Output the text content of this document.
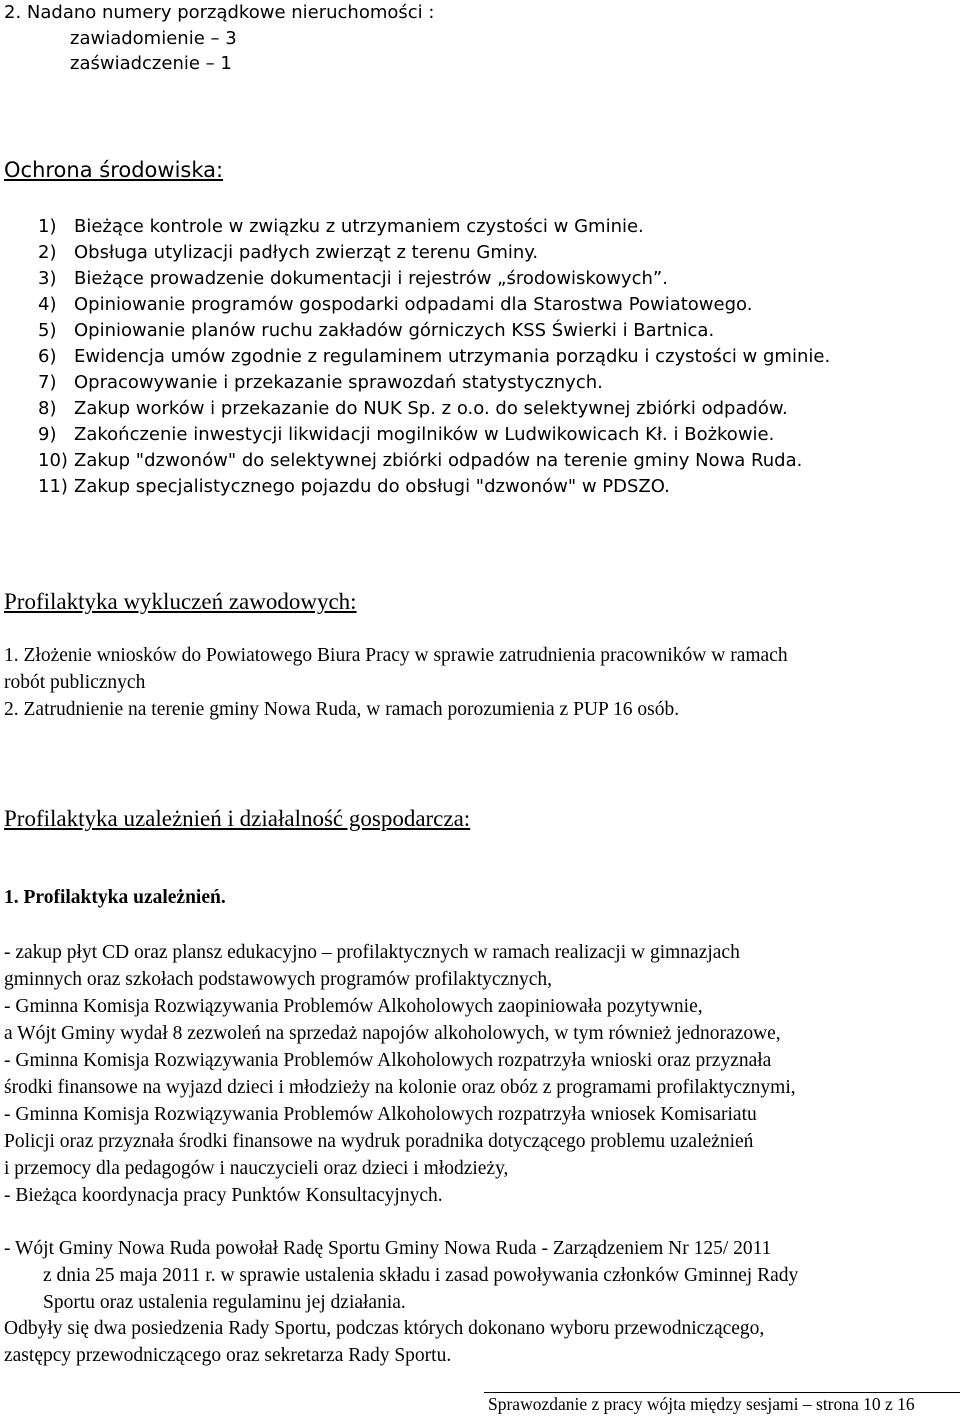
2. Nadano numery porządkowe nieruchomości :
zawiadomienie – 3
zaświadczenie – 1
Ochrona środowiska:
1) Bieżące kontrole w związku z utrzymaniem czystości w Gminie.
2) Obsługa utylizacji padłych zwierząt z terenu Gminy.
3) Bieżące prowadzenie dokumentacji i rejestrów „środowiskowych”.
4) Opiniowanie programów gospodarki odpadami dla Starostwa Powiatowego.
5) Opiniowanie planów ruchu zakładów górniczych KSS Świerki i Bartnica.
6) Ewidencja umów zgodnie z regulaminem utrzymania porządku i czystości w gminie.
7) Opracowywanie i przekazanie sprawozdań statystycznych.
8) Zakup worków i przekazanie do NUK Sp. z o.o. do selektywnej zbiórki odpadów.
9) Zakończenie inwestycji likwidacji mogilników w Ludwikowicach Kł. i Bożkowie.
10) Zakup "dzwonów" do selektywnej zbiórki odpadów na terenie gminy Nowa Ruda.
11) Zakup specjalistycznego pojazdu do obsługi "dzwonów" w PDSZO.
Profilaktyka wykluczeń zawodowych:
1. Złożenie wniosków do Powiatowego Biura Pracy w sprawie zatrudnienia pracowników w ramach
robót publicznych
2. Zatrudnienie na terenie gminy Nowa Ruda, w ramach porozumienia z PUP 16 osób.
Profilaktyka uzależnień i działalność gospodarcza:
1. Profilaktyka uzależnień.
- zakup płyt CD oraz plansz edukacyjno – profilaktycznych w ramach realizacji w gimnazjach
gminnych oraz szkołach podstawowych programów profilaktycznych,
- Gminna Komisja Rozwiązywania Problemów Alkoholowych zaopiniowała pozytywnie,
a Wójt Gminy wydał 8 zezwoleń na sprzedaż napojów alkoholowych, w tym również jednorazowe,
- Gminna Komisja Rozwiązywania Problemów Alkoholowych rozpatrzyła wnioski oraz przyznała
środki finansowe na wyjazd dzieci i młodzieży na kolonie oraz obóz z programami profilaktycznymi,
- Gminna Komisja Rozwiązywania Problemów Alkoholowych rozpatrzyła wniosek Komisariatu
Policji oraz przyznała środki finansowe na wydruk poradnika dotyczącego problemu uzależnień
i przemocy dla pedagogów i nauczycieli oraz dzieci i młodzieży,
- Bieżąca koordynacja pracy Punktów Konsultacyjnych.
- Wójt Gminy Nowa Ruda powołał Radę Sportu Gminy Nowa Ruda - Zarządzeniem Nr 125/ 2011
z dnia 25 maja 2011 r. w sprawie ustalenia składu i zasad powoływania członków Gminnej Rady
Sportu oraz ustalenia regulaminu jej działania.
Odbyły się dwa posiedzenia Rady Sportu, podczas których dokonano wyboru przewodniczącego,
zastępcy przewodniczącego oraz sekretarza Rady Sportu.
Sprawozdanie z pracy wójta między sesjami – strona 10 z 16
